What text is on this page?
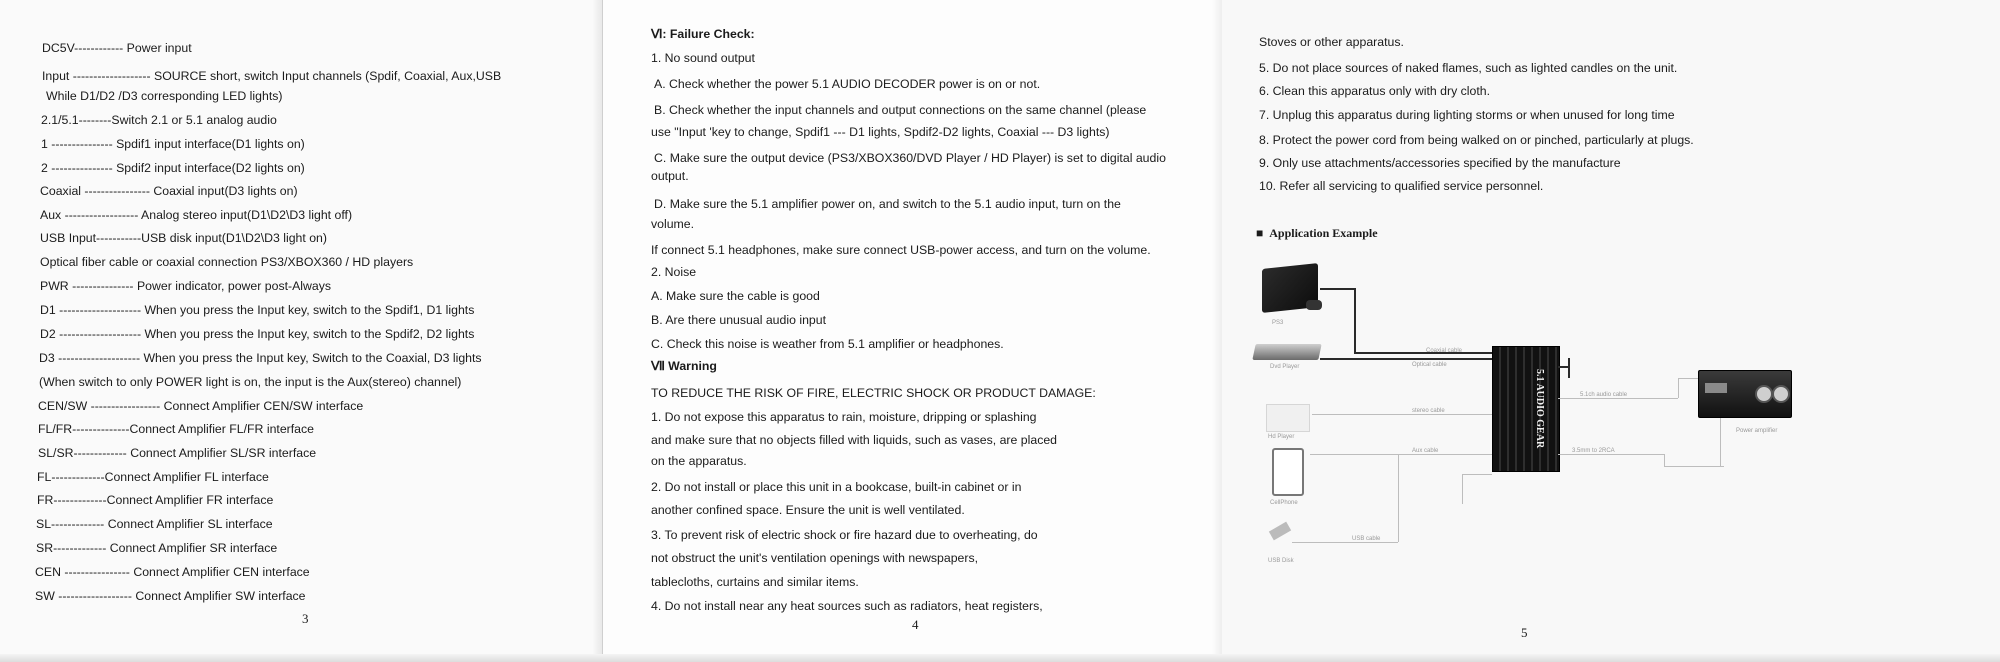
DC5V------------ Power input
Input ------------------- SOURCE short, switch Input channels (Spdif, Coaxial, Aux,USB
While D1/D2 /D3 corresponding LED lights)
2.1/5.1--------Switch 2.1 or 5.1 analog audio
1 --------------- Spdif1 input interface(D1 lights on)
2 --------------- Spdif2 input interface(D2 lights on)
Coaxial ---------------- Coaxial input(D3 lights on)
Aux ------------------ Analog stereo input(D1\D2\D3 light off)
USB Input-----------USB disk input(D1\D2\D3 light on)
Optical fiber cable or coaxial connection PS3/XBOX360 / HD players
PWR --------------- Power indicator, power post-Always
D1 -------------------- When you press the Input key, switch to the Spdif1, D1 lights
D2 -------------------- When you press the Input key, switch to the Spdif2, D2 lights
D3 -------------------- When you press the Input key, Switch to the Coaxial, D3 lights
(When switch to only POWER light is on, the input is the Aux(stereo) channel)
CEN/SW ----------------- Connect Amplifier CEN/SW interface
FL/FR--------------Connect Amplifier FL/FR interface
SL/SR------------- Connect Amplifier SL/SR interface
FL-------------Connect Amplifier FL interface
FR-------------Connect Amplifier FR interface
SL------------- Connect Amplifier SL interface
SR------------- Connect Amplifier SR interface
CEN ---------------- Connect Amplifier CEN interface
SW ------------------ Connect Amplifier SW interface
3
Ⅵ: Failure Check:
1. No sound output
A. Check whether the power 5.1 AUDIO DECODER power is on or not.
B. Check whether the input channels and output connections on the same channel (please
use "Input 'key to change, Spdif1 --- D1 lights, Spdif2-D2 lights, Coaxial --- D3 lights)
C. Make sure the output device (PS3/XBOX360/DVD Player / HD Player) is set to digital audio
output.
D. Make sure the 5.1 amplifier power on, and switch to the 5.1 audio input, turn on the
volume.
If connect 5.1 headphones, make sure connect USB-power access, and turn on the volume.
2. Noise
A. Make sure the cable is good
B. Are there unusual audio input
C. Check this noise is weather from 5.1 amplifier or headphones.
Ⅶ Warning
TO REDUCE THE RISK OF FIRE, ELECTRIC SHOCK OR PRODUCT DAMAGE:
1. Do not expose this apparatus to rain, moisture, dripping or splashing
and make sure that no objects filled with liquids, such as vases, are placed
on the apparatus.
2. Do not install or place this unit in a bookcase, built-in cabinet or in
another confined space. Ensure the unit is well ventilated.
3. To prevent risk of electric shock or fire hazard due to overheating, do
not obstruct the unit's ventilation openings with newspapers,
tablecloths, curtains and similar items.
4. Do not install near any heat sources such as radiators, heat registers,
4
Stoves or other apparatus.
5. Do not place sources of naked flames, such as lighted candles on the unit.
6. Clean this apparatus only with dry cloth.
7. Unplug this apparatus during lighting storms or when unused for long time
8. Protect the power cord from being walked on or pinched, particularly at plugs.
9. Only use attachments/accessories specified by the manufacture
10. Refer all servicing to qualified service personnel.
■ Application Example
PS3
Dvd Player
Hd Player
CellPhone
USB Disk
Coaxial cable
Optical cable
stereo cable
Aux cable
USB cable
5.1 AUDIO GEAR	5.1ch audio cable
3.5mm to 2RCA
Power amplifier
5
